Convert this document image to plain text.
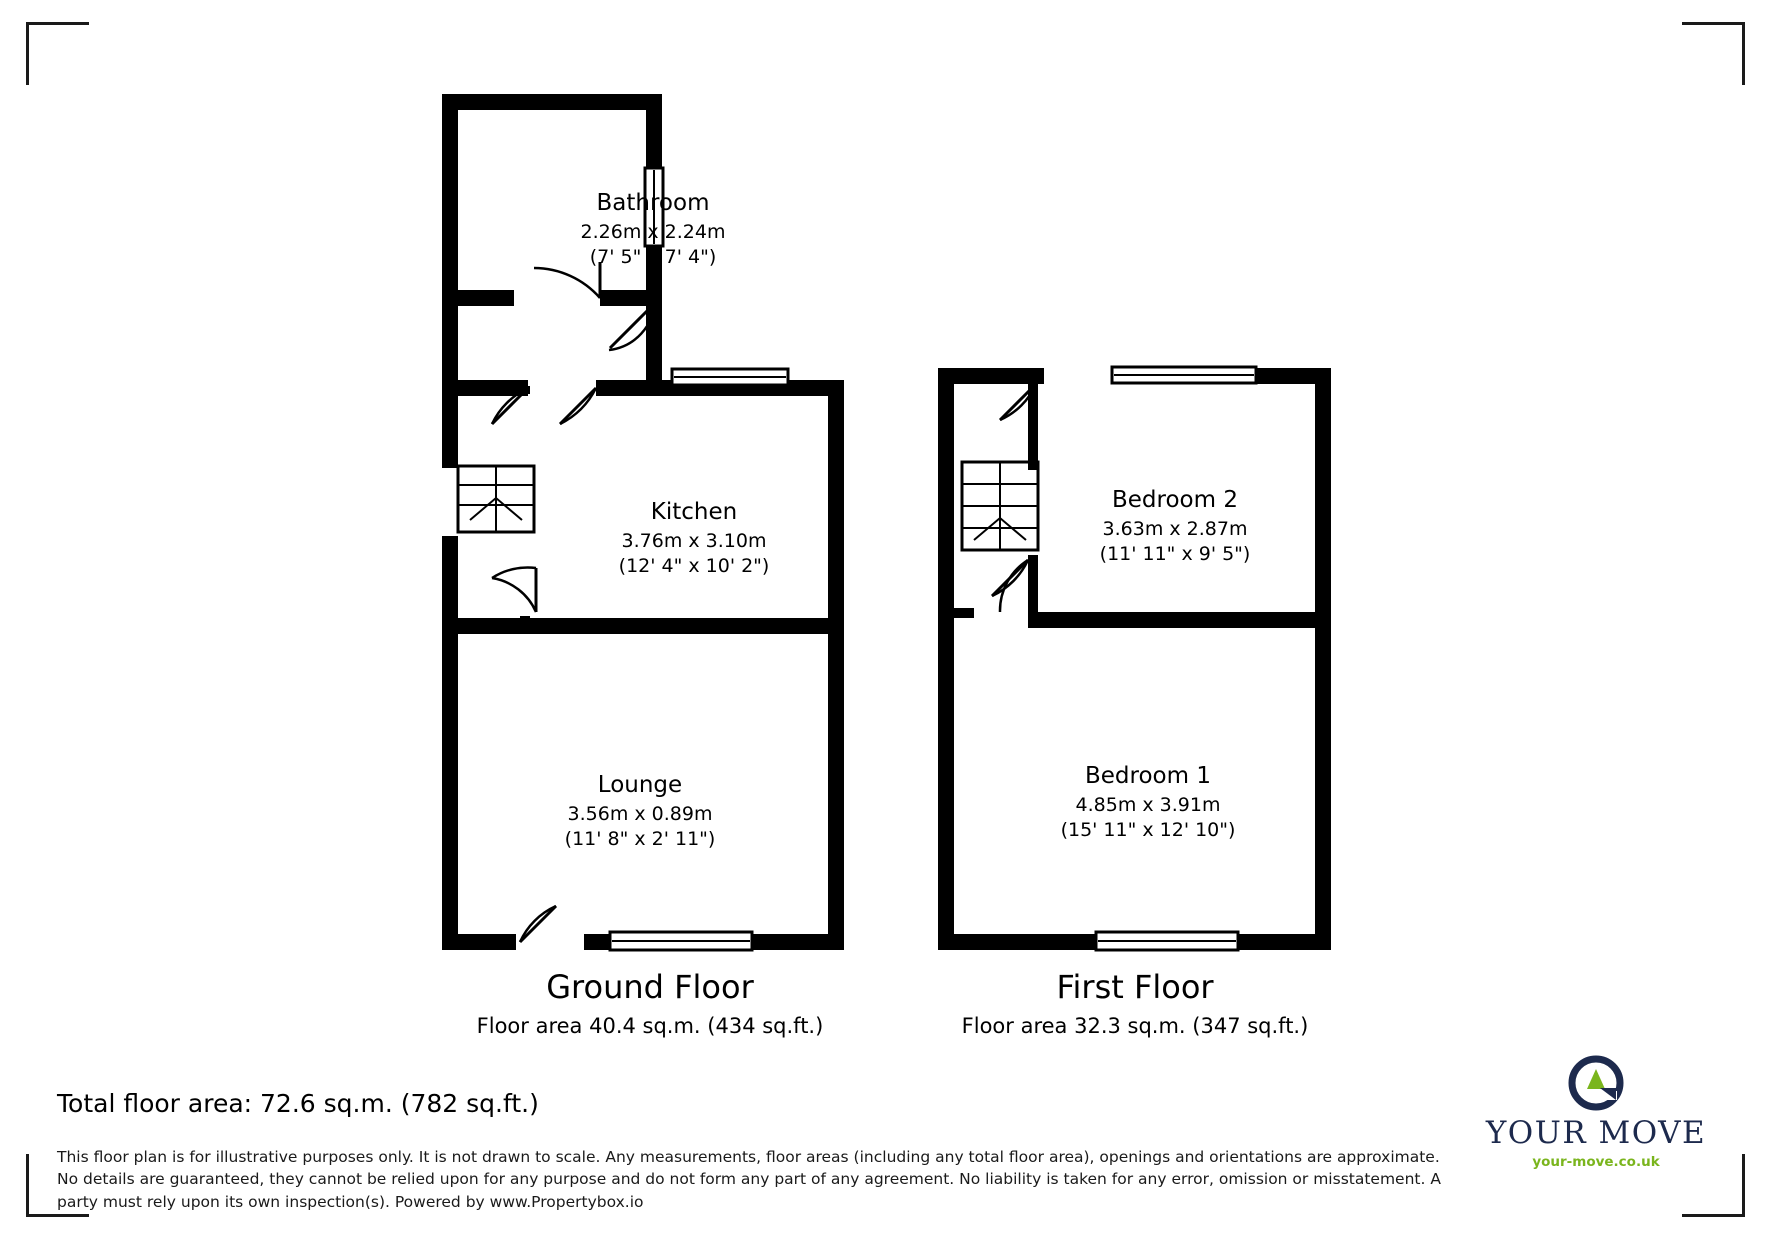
Bathroom
2.26m x 2.24m
(7' 5" x 7' 4")
Kitchen
3.76m x 3.10m
(12' 4" x 10' 2")
Lounge
3.56m x 0.89m
(11' 8" x 2' 11")
Bedroom 2
3.63m x 2.87m
(11' 11" x 9' 5")
Bedroom 1
4.85m x 3.91m
(15' 11" x 12' 10")
Ground Floor
Floor area 40.4 sq.m. (434 sq.ft.)
First Floor
Floor area 32.3 sq.m. (347 sq.ft.)
Total floor area: 72.6 sq.m. (782 sq.ft.)
This floor plan is for illustrative purposes only. It is not drawn to scale. Any measurements, floor areas (including any total floor area), openings and orientations are approximate. No details are guaranteed, they cannot be relied upon for any purpose and do not form any part of any agreement. No liability is taken for any error, omission or misstatement. A party must rely upon its own inspection(s). Powered by www.Propertybox.io
YOUR MOVE
your-move.co.uk
